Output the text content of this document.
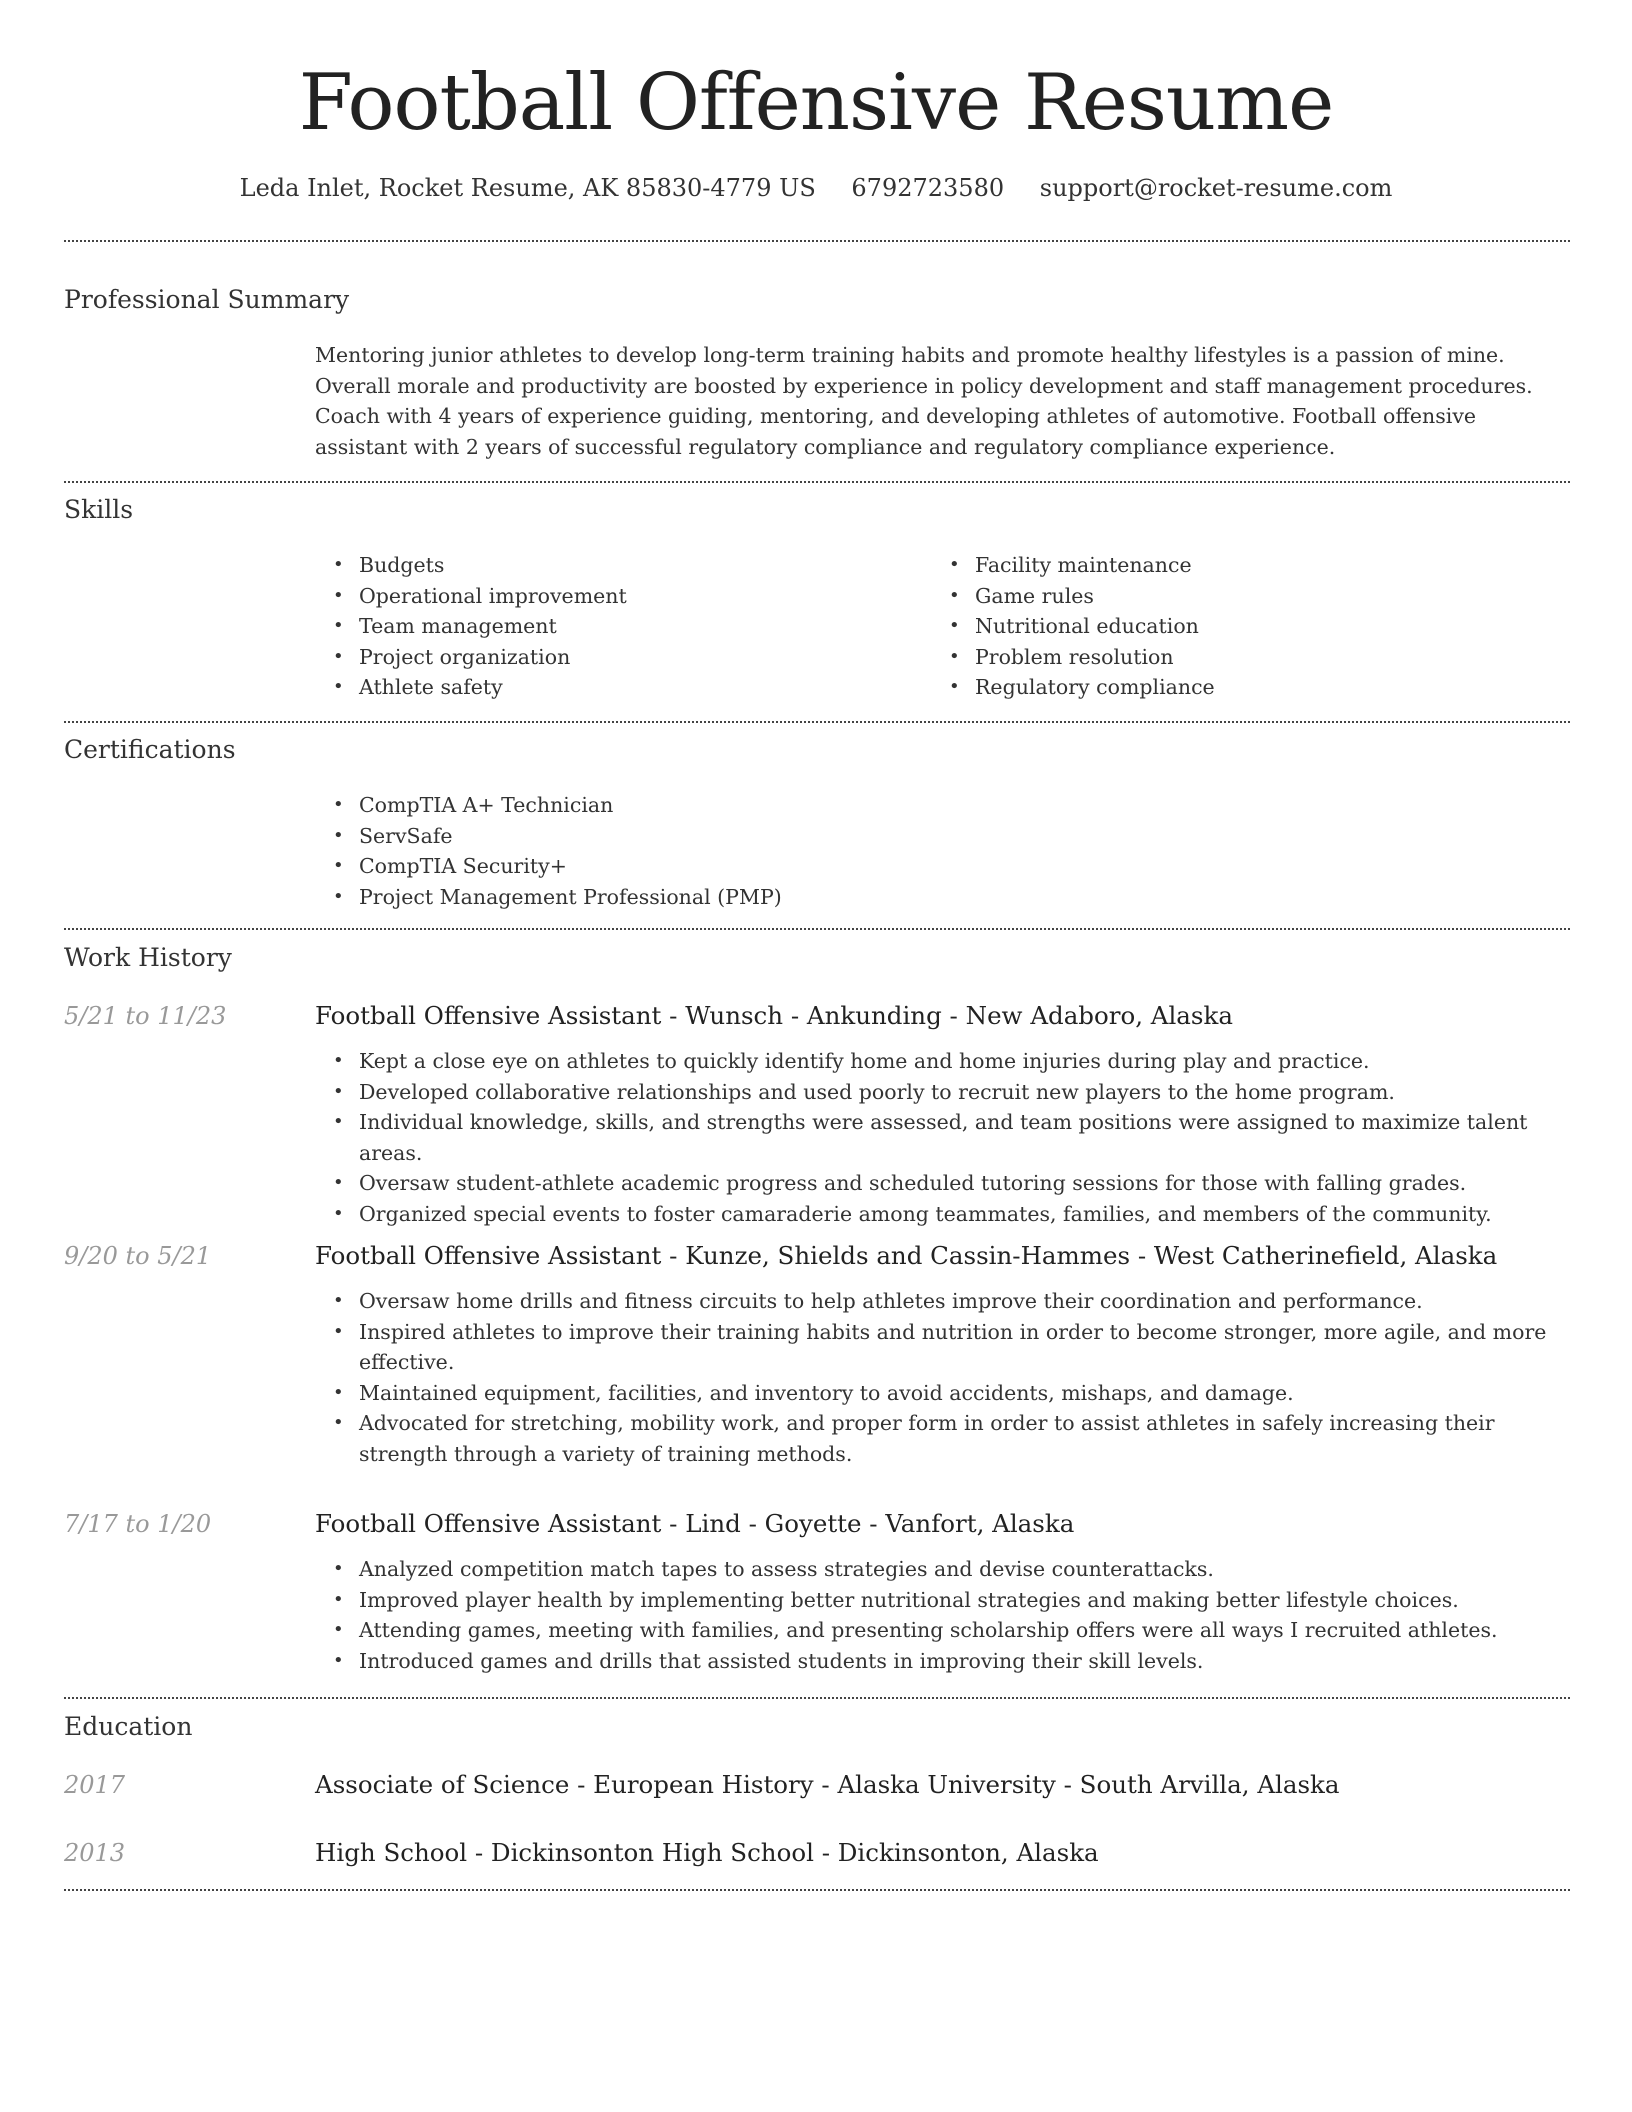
Football Offensive Resume
Leda Inlet, Rocket Resume, AK 85830-4779 US 6792723580 support@rocket-resume.com
Professional Summary

Mentoring junior athletes to develop long-term training habits and promote healthy lifestyles is a passion of mine. Overall morale and productivity are boosted by experience in policy development and staff management procedures. Coach with 4 years of experience guiding, mentoring, and developing athletes of automotive. Football offensive assistant with 2 years of successful regulatory compliance and regulatory compliance experience.

Skills
• Budgets
• Operational improvement
• Team management
• Project organization
• Athlete safety
• Facility maintenance
• Game rules
• Nutritional education
• Problem resolution
• Regulatory compliance
Certifications
• CompTIA A+ Technician
• ServSafe
• CompTIA Security+
• Project Management Professional (PMP)
Work History
5/21 to 11/23	Football Offensive Assistant - Wunsch - Ankunding - New Adaboro, Alaska
• Kept a close eye on athletes to quickly identify home and home injuries during play and practice.
• Developed collaborative relationships and used poorly to recruit new players to the home program.
• Individual knowledge, skills, and strengths were assessed, and team positions were assigned to maximize talent areas.
• Oversaw student-athlete academic progress and scheduled tutoring sessions for those with falling grades.
• Organized special events to foster camaraderie among teammates, families, and members of the community.
9/20 to 5/21	Football Offensive Assistant - Kunze, Shields and Cassin-Hammes - West Catherinefield, Alaska
• Oversaw home drills and fitness circuits to help athletes improve their coordination and performance.
• Inspired athletes to improve their training habits and nutrition in order to become stronger, more agile, and more effective.
• Maintained equipment, facilities, and inventory to avoid accidents, mishaps, and damage.
• Advocated for stretching, mobility work, and proper form in order to assist athletes in safely increasing their strength through a variety of training methods.
7/17 to 1/20	Football Offensive Assistant - Lind - Goyette - Vanfort, Alaska
• Analyzed competition match tapes to assess strategies and devise counterattacks.
• Improved player health by implementing better nutritional strategies and making better lifestyle choices.
• Attending games, meeting with families, and presenting scholarship offers were all ways I recruited athletes.
• Introduced games and drills that assisted students in improving their skill levels.
Education
2017	Associate of Science - European History - Alaska University - South Arvilla, Alaska
2013	High School - Dickinsonton High School - Dickinsonton, Alaska
